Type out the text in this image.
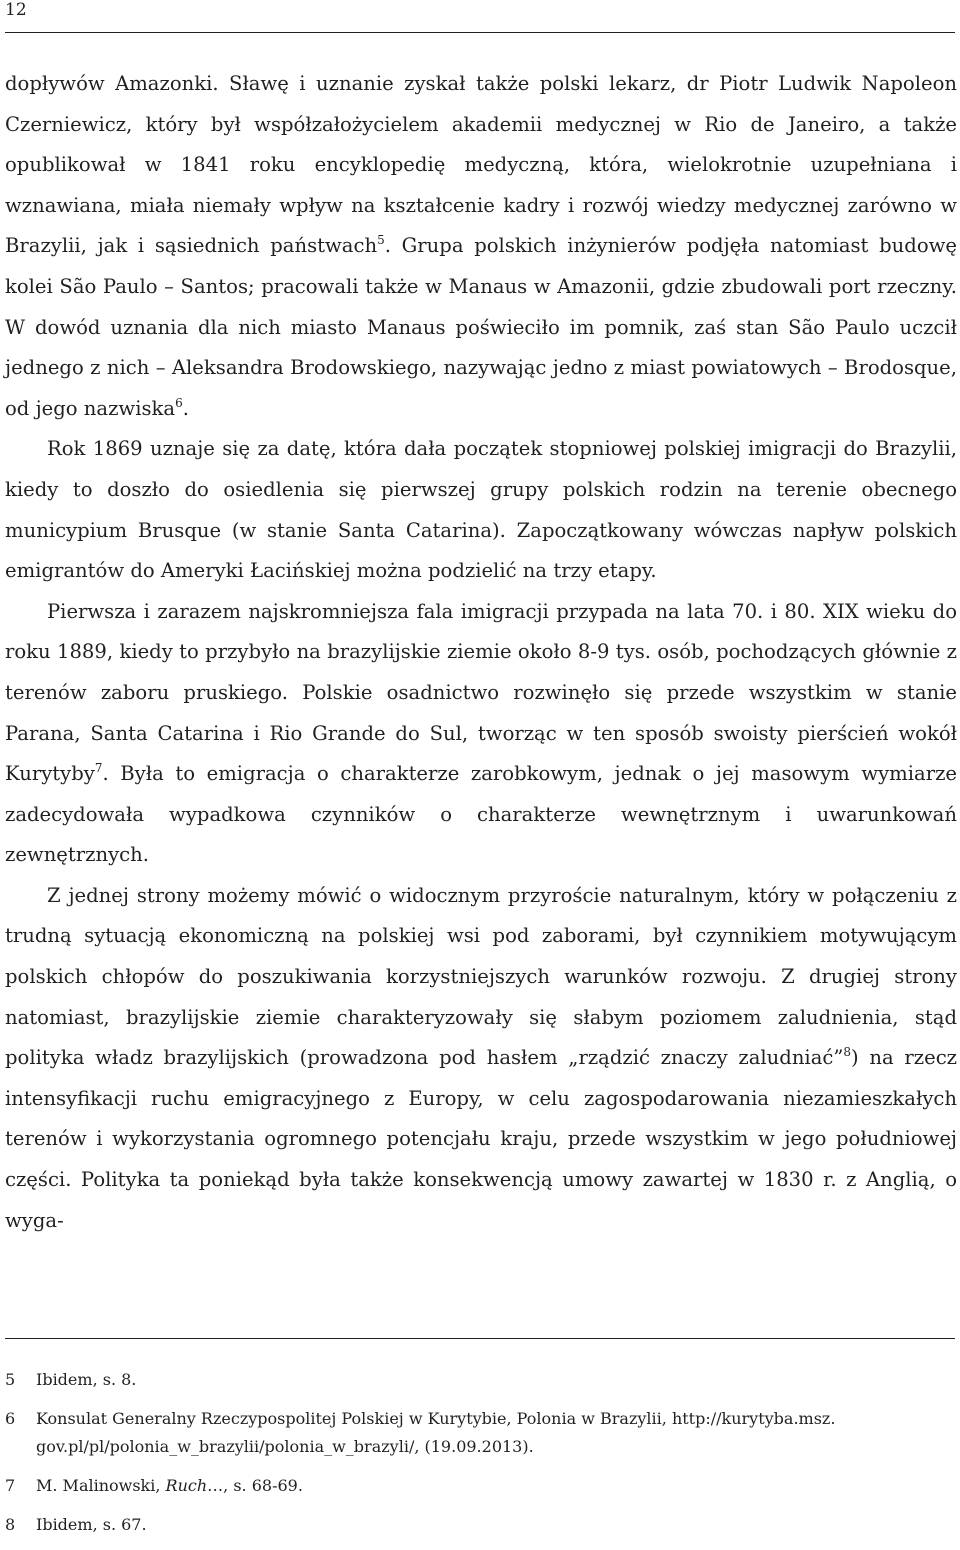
12

dopływów Amazonki. Sławę i uznanie zyskał także polski lekarz, dr Piotr Ludwik Napoleon Czerniewicz, który był współzałożycielem akademii medycznej w Rio de Janeiro, a także opublikował w 1841 roku encyklopedię medyczną, która, wielokrotnie uzupełniana i wznawiana, miała niemały wpływ na kształcenie kadry i rozwój wiedzy medycznej zarówno w Brazylii, jak i sąsiednich państwach$^5$. Grupa polskich inżynierów podjęła natomiast budowę kolei São Paulo – Santos; pracowali także w Manaus w Amazonii, gdzie zbudowali port rzeczny. W dowód uznania dla nich miasto Manaus poświeciło im pomnik, zaś stan São Paulo uczcił jednego z nich – Aleksandra Brodowskiego, nazywając jedno z miast powiatowych – Brodosque, od jego nazwiska$^6$.

Rok 1869 uznaje się za datę, która dała początek stopniowej polskiej imigracji do Brazylii, kiedy to doszło do osiedlenia się pierwszej grupy polskich rodzin na terenie obecnego municypium Brusque (w stanie Santa Catarina). Zapoczątkowany wówczas napływ polskich emigrantów do Ameryki Łacińskiej można podzielić na trzy etapy.

Pierwsza i zarazem najskromniejsza fala imigracji przypada na lata 70. i 80. XIX wieku do roku 1889, kiedy to przybyło na brazylijskie ziemie około 8-9 tys. osób, pochodzących głównie z terenów zaboru pruskiego. Polskie osadnictwo rozwinęło się przede wszystkim w stanie Parana, Santa Catarina i Rio Grande do Sul, tworząc w ten sposób swoisty pierścień wokół Kurytyby$^7$. Była to emigracja o charakterze zarobkowym, jednak o jej masowym wymiarze zadecydowała wypadkowa czynników o charakterze wewnętrznym i uwarunkowań zewnętrznych.

Z jednej strony możemy mówić o widocznym przyroście naturalnym, który w połączeniu z trudną sytuacją ekonomiczną na polskiej wsi pod zaborami, był czynnikiem motywującym polskich chłopów do poszukiwania korzystniejszych warunków rozwoju. Z drugiej strony natomiast, brazylijskie ziemie charakteryzowały się słabym poziomem zaludnienia, stąd polityka władz brazylijskich (prowadzona pod hasłem „rządzić znaczy zaludniać”$^8$) na rzecz intensyfikacji ruchu emigracyjnego z Europy, w celu zagospodarowania niezamieszkałych terenów i wykorzystania ogromnego potencjału kraju, przede wszystkim w jego południowej części. Polityka ta poniekąd była także konsekwencją umowy zawartej w 1830 r. z Anglią, o wyga-

5	Ibidem, s. 8.
6	Konsulat Generalny Rzeczypospolitej Polskiej w Kurytybie, Polonia w Brazylii, http://kurytyba.msz.
gov.pl/pl/polonia_w_brazylii/polonia_w_brazyli/, (19.09.2013).
7	M. Malinowski, Ruch…, s. 68-69.
8	Ibidem, s. 67.
